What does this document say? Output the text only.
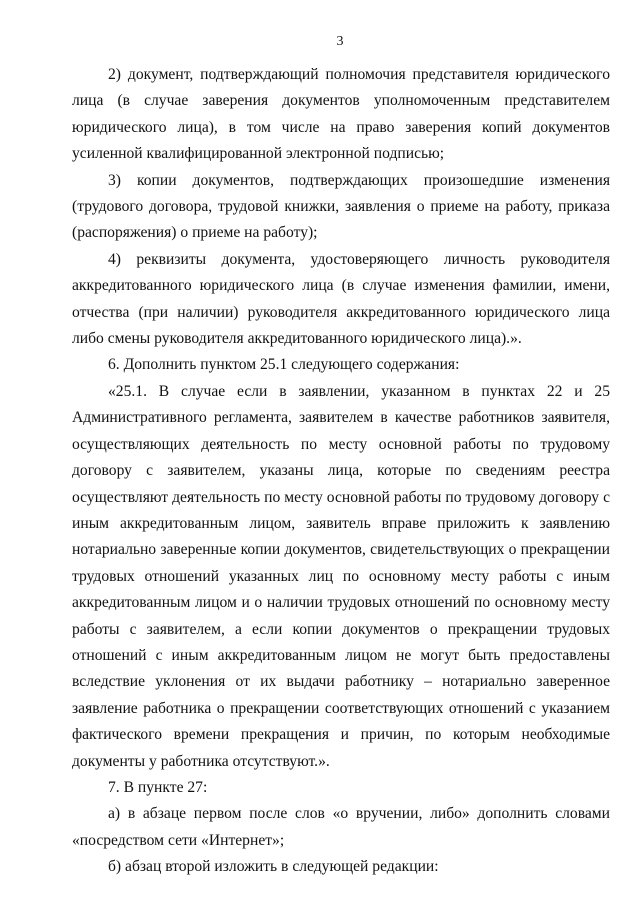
3

2) документ, подтверждающий полномочия представителя юридического лица (в случае заверения документов уполномоченным представителем юридического лица), в том числе на право заверения копий документов усиленной квалифицированной электронной подписью;

3) копии документов, подтверждающих произошедшие изменения (трудового договора, трудовой книжки, заявления о приеме на работу, приказа (распоряжения) о приеме на работу);

4) реквизиты документа, удостоверяющего личность руководителя аккредитованного юридического лица (в случае изменения фамилии, имени, отчества (при наличии) руководителя аккредитованного юридического лица либо смены руководителя аккредитованного юридического лица).».

6. Дополнить пунктом 25.1 следующего содержания:

«25.1. В случае если в заявлении, указанном в пунктах 22 и 25 Административного регламента, заявителем в качестве работников заявителя, осуществляющих деятельность по месту основной работы по трудовому договору с заявителем, указаны лица, которые по сведениям реестра осуществляют деятельность по месту основной работы по трудовому договору с иным аккредитованным лицом, заявитель вправе приложить к заявлению нотариально заверенные копии документов, свидетельствующих о прекращении трудовых отношений указанных лиц по основному месту работы с иным аккредитованным лицом и о наличии трудовых отношений по основному месту работы с заявителем, а если копии документов о прекращении трудовых отношений с иным аккредитованным лицом не могут быть предоставлены вследствие уклонения от их выдачи работнику – нотариально заверенное заявление работника о прекращении соответствующих отношений с указанием фактического времени прекращения и причин, по которым необходимые документы у работника отсутствуют.».

7. В пункте 27:

а) в абзаце первом после слов «о вручении, либо» дополнить словами «посредством сети «Интернет»;

б) абзац второй изложить в следующей редакции:
